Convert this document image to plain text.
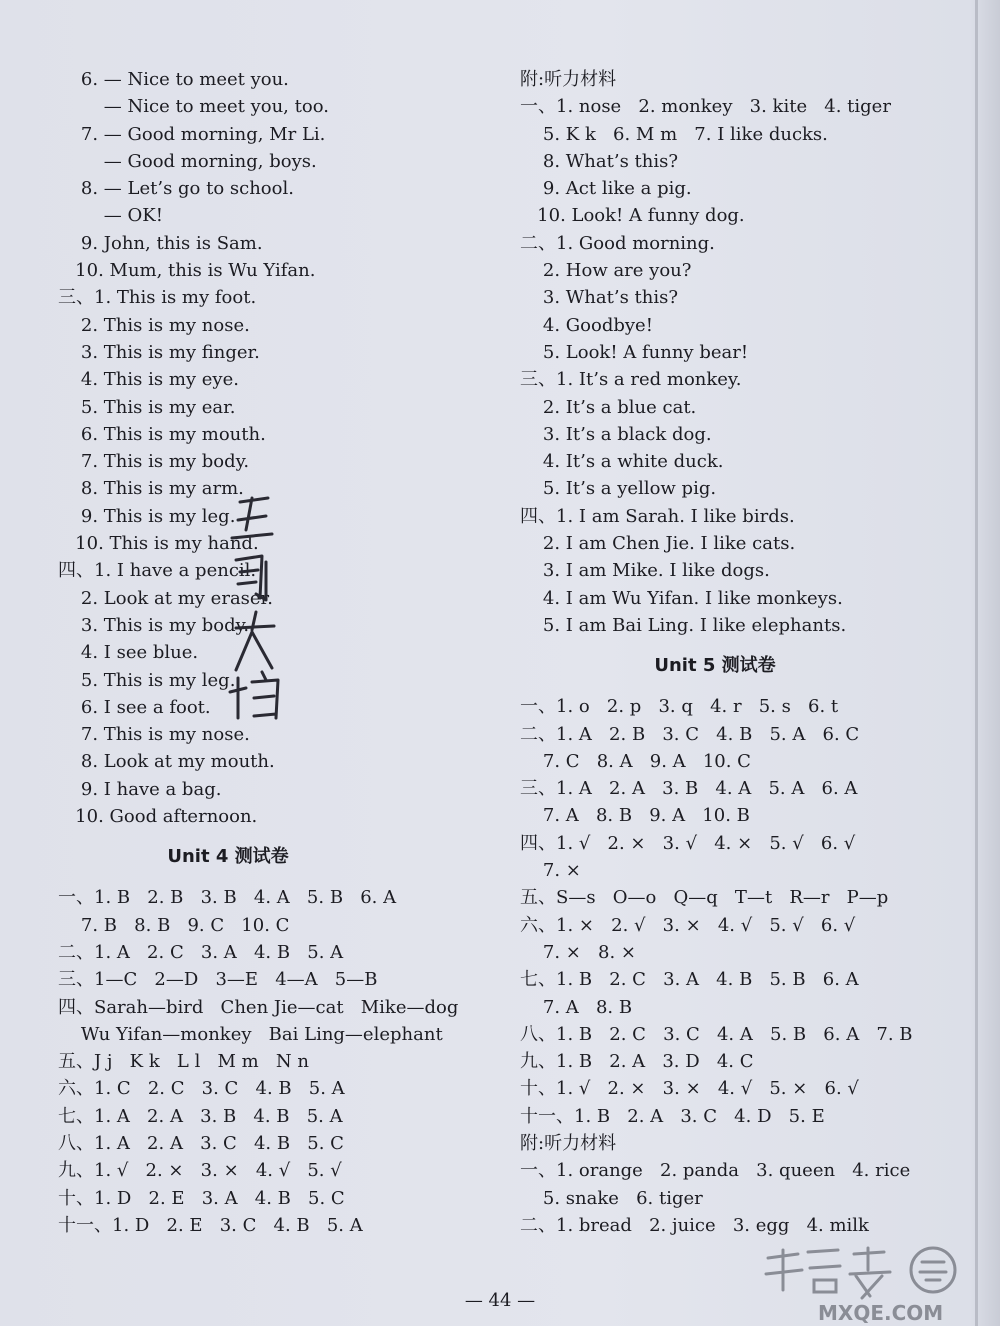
6. — Nice to meet you.
— Nice to meet you, too.
7. — Good morning, Mr Li.
— Good morning, boys.
8. — Let’s go to school.
— OK!
9. John, this is Sam.
10. Mum, this is Wu Yifan.
三、1. This is my foot.
2. This is my nose.
3. This is my finger.
4. This is my eye.
5. This is my ear.
6. This is my mouth.
7. This is my body.
8. This is my arm.
9. This is my leg.
10. This is my hand.
四、1. I have a pencil.
2. Look at my eraser.
3. This is my body.
4. I see blue.
5. This is my leg.
6. I see a foot.
7. This is my nose.
8. Look at my mouth.
9. I have a bag.
10. Good afternoon.
Unit 4 测试卷
一、1. B   2. B   3. B   4. A   5. B   6. A
7. B   8. B   9. C   10. C
二、1. A   2. C   3. A   4. B   5. A
三、1—C   2—D   3—E   4—A   5—B
四、Sarah—bird   Chen Jie—cat   Mike—dog
Wu Yifan—monkey   Bai Ling—elephant
五、J j   K k   L l   M m   N n
六、1. C   2. C   3. C   4. B   5. A
七、1. A   2. A   3. B   4. B   5. A
八、1. A   2. A   3. C   4. B   5. C
九、1. √   2. ×   3. ×   4. √   5. √
十、1. D   2. E   3. A   4. B   5. C
十一、1. D   2. E   3. C   4. B   5. A
附:听力材料
一、1. nose   2. monkey   3. kite   4. tiger
5. K k   6. M m   7. I like ducks.
8. What’s this?
9. Act like a pig.
10. Look! A funny dog.
二、1. Good morning.
2. How are you?
3. What’s this?
4. Goodbye!
5. Look! A funny bear!
三、1. It’s a red monkey.
2. It’s a blue cat.
3. It’s a black dog.
4. It’s a white duck.
5. It’s a yellow pig.
四、1. I am Sarah. I like birds.
2. I am Chen Jie. I like cats.
3. I am Mike. I like dogs.
4. I am Wu Yifan. I like monkeys.
5. I am Bai Ling. I like elephants.
Unit 5 测试卷
一、1. o   2. p   3. q   4. r   5. s   6. t
二、1. A   2. B   3. C   4. B   5. A   6. C
7. C   8. A   9. A   10. C
三、1. A   2. A   3. B   4. A   5. A   6. A
7. A   8. B   9. A   10. B
四、1. √   2. ×   3. √   4. ×   5. √   6. √
7. ×
五、S—s   O—o   Q—q   T—t   R—r   P—p
六、1. ×   2. √   3. ×   4. √   5. √   6. √
7. ×   8. ×
七、1. B   2. C   3. A   4. B   5. B   6. A
7. A   8. B
八、1. B   2. C   3. C   4. A   5. B   6. A   7. B
九、1. B   2. A   3. D   4. C
十、1. √   2. ×   3. ×   4. √   5. ×   6. √
十一、1. B   2. A   3. C   4. D   5. E
附:听力材料
一、1. orange   2. panda   3. queen   4. rice
5. snake   6. tiger
二、1. bread   2. juice   3. egg   4. milk
— 44 —
MXQE.COM
